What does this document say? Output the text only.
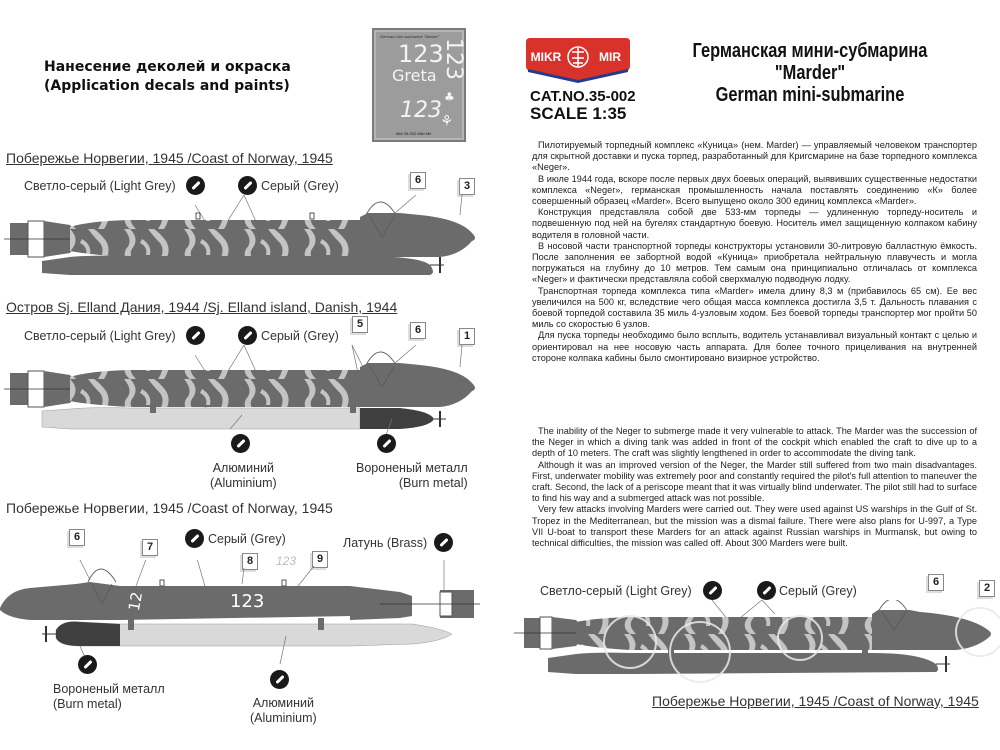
Нанесение деколей и окраска
(Application decals and paints)
German mini submarine "Marder"
123
Greta 123
123
♣
⚘
MM 35-002 Mikr Mir
MIKR	MIR
CAT.NO.35-002
SCALE 1:35
Германская мини-субмарина
"Marder"
German mini-submarine

Пилотируемый торпедный комплекс «Куница» (нем. Marder) — управляемый человеком транспортер для скрытной доставки и пуска торпед, разработанный для Кригсмарине на базе торпедного комплекса «Neger».

В июле 1944 года, вскоре после первых двух боевых операций, выявивших существенные недостатки комплекса «Neger», германская промышленность начала поставлять соединению «К» более совершенный образец «Marder». Всего выпущено около 300 единиц комплекса «Marder».

Конструкция представляла собой две 533-мм торпеды — удлиненную торпеду-носитель и подвешенную под ней на бугелях стандартную боевую. Носитель имел защищенную колпаком кабину водителя в головной части.

В носовой части транспортной торпеды конструкторы установили 30-литровую балластную ёмкость. После заполнения ее забортной водой «Куница» приобретала нейтральную плавучесть и могла погружаться на глубину до 10 метров. Тем самым она принципиально отличалась от комплекса «Neger» и фактически представляла собой сверхмалую подводную лодку.

Транспортная торпеда комплекса типа «Marder» имела длину 8,3 м (прибавилось 65 см). Ее вес увеличился на 500 кг, вследствие чего общая масса комплекса достигла 3,5 т. Дальность плавания с боевой торпедой составила 35 миль 4-узловым ходом. Без боевой торпеды транспортер мог пройти 50 миль со скоростью 6 узлов.

Для пуска торпеды необходимо было всплыть, водитель устанавливал визуальный контакт с целью и ориентировал на нее носовую часть аппарата. Для более точного прицеливания на внутренней стороне колпака кабины было смонтировано визирное устройство.

The inability of the Neger to submerge made it very vulnerable to attack. The Marder was the succession of the Neger in which a diving tank was added in front of the cockpit which enabled the craft to dive up to a depth of 10 meters. The craft was slightly lengthened in order to accommodate the diving tank.

Although it was an improved version of the Neger, the Marder still suffered from two main disadvantages. First, underwater mobility was extremely poor and constantly required the pilot's full attention to maneuver the craft. Second, the lack of a periscope meant that it was virtually blind underwater. The pilot still had to surface to find his way and a submerged attack was not possible.

Very few attacks involving Marders were carried out. They were used against US warships in the Gulf of St. Tropez in the Mediterranean, but the mission was a dismal failure. There were also plans for U-997, a Type VII U-boat to transport these Marders for an attack against Russian warships in Murmansk, but owing to technical difficulties, the mission was called off. About 300 Marders were built.

Побережье Норвегии, 1945 /Coast of Norway, 1945
Светло-серый (Light Grey)	Серый (Grey)	6	3
Остров Sj. Elland Дания, 1944 /Sj. Elland island, Danish, 1944
Светло-серый (Light Grey)	Серый (Grey)
5	6	1
Алюминий
(Aluminium)
Вороненый металл
(Burn metal)
Побережье Норвегии, 1945 /Coast of Norway, 1945
Серый (Grey)	Латунь (Brass)
6
7
8	9
123
12	123
Вороненый металл
(Burn metal)	Алюминий
(Aluminium)
Светло-серый (Light Grey)	Серый (Grey)
6	2
Побережье Норвегии, 1945 /Coast of Norway, 1945
